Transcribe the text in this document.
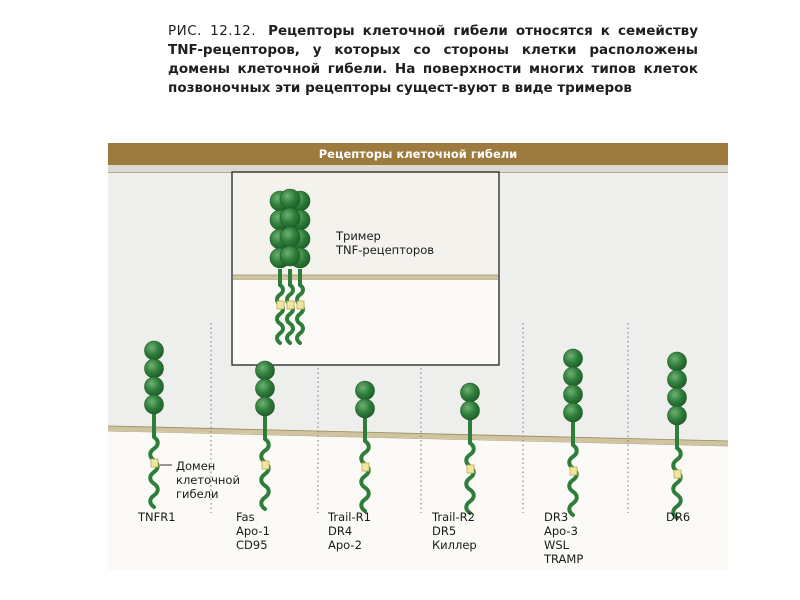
РИС. 12.12. Рецепторы клеточной гибели относятся к семейству TNF-рецепторов, у которых со стороны клетки расположены домены клеточной гибели. На поверхности многих типов клеток позвоночных эти рецепторы сущест-вуют в виде тримеров
Рецепторы клеточной гибели
Тример
TNF-рецепторов
Домен
клеточной
гибели
TNFR1	Fas
Apo-1
CD95
Trail-R1
DR4
Apo-2
Trail-R2
DR5
Киллер
DR3
Apo-3
WSL
TRAMP
DR6
